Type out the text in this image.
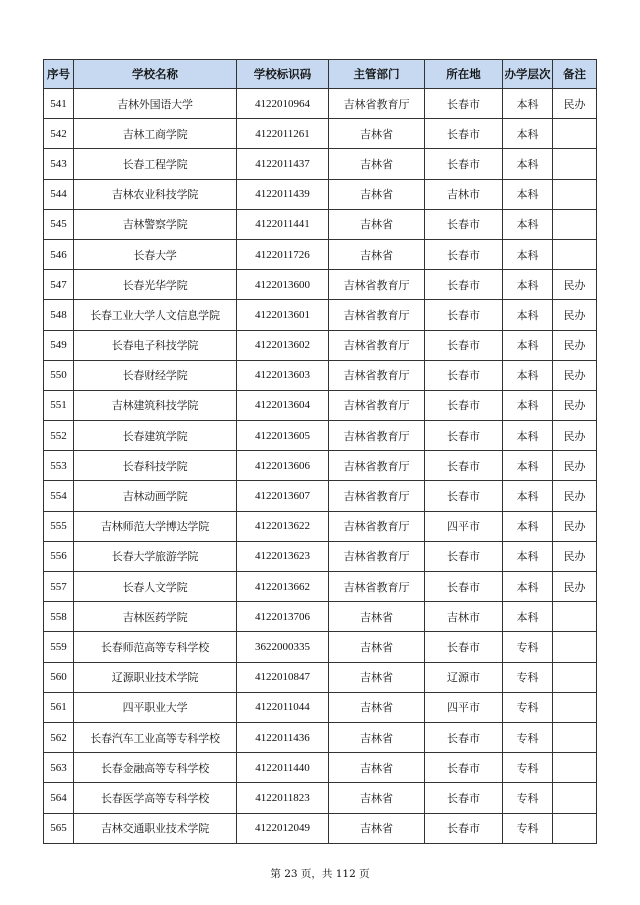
序号	学校名称	学校标识码	主管部门	所在地	办学层次	备注
541	吉林外国语大学	4122010964	吉林省教育厅	长春市	本科	民办
542	吉林工商学院	4122011261	吉林省	长春市	本科	
543	长春工程学院	4122011437	吉林省	长春市	本科	
544	吉林农业科技学院	4122011439	吉林省	吉林市	本科	
545	吉林警察学院	4122011441	吉林省	长春市	本科	
546	长春大学	4122011726	吉林省	长春市	本科	
547	长春光华学院	4122013600	吉林省教育厅	长春市	本科	民办
548	长春工业大学人文信息学院	4122013601	吉林省教育厅	长春市	本科	民办
549	长春电子科技学院	4122013602	吉林省教育厅	长春市	本科	民办
550	长春财经学院	4122013603	吉林省教育厅	长春市	本科	民办
551	吉林建筑科技学院	4122013604	吉林省教育厅	长春市	本科	民办
552	长春建筑学院	4122013605	吉林省教育厅	长春市	本科	民办
553	长春科技学院	4122013606	吉林省教育厅	长春市	本科	民办
554	吉林动画学院	4122013607	吉林省教育厅	长春市	本科	民办
555	吉林师范大学博达学院	4122013622	吉林省教育厅	四平市	本科	民办
556	长春大学旅游学院	4122013623	吉林省教育厅	长春市	本科	民办
557	长春人文学院	4122013662	吉林省教育厅	长春市	本科	民办
558	吉林医药学院	4122013706	吉林省	吉林市	本科	
559	长春师范高等专科学校	3622000335	吉林省	长春市	专科	
560	辽源职业技术学院	4122010847	吉林省	辽源市	专科	
561	四平职业大学	4122011044	吉林省	四平市	专科	
562	长春汽车工业高等专科学校	4122011436	吉林省	长春市	专科	
563	长春金融高等专科学校	4122011440	吉林省	长春市	专科	
564	长春医学高等专科学校	4122011823	吉林省	长春市	专科	
565	吉林交通职业技术学院	4122012049	吉林省	长春市	专科	
第 23 页，共 112 页
